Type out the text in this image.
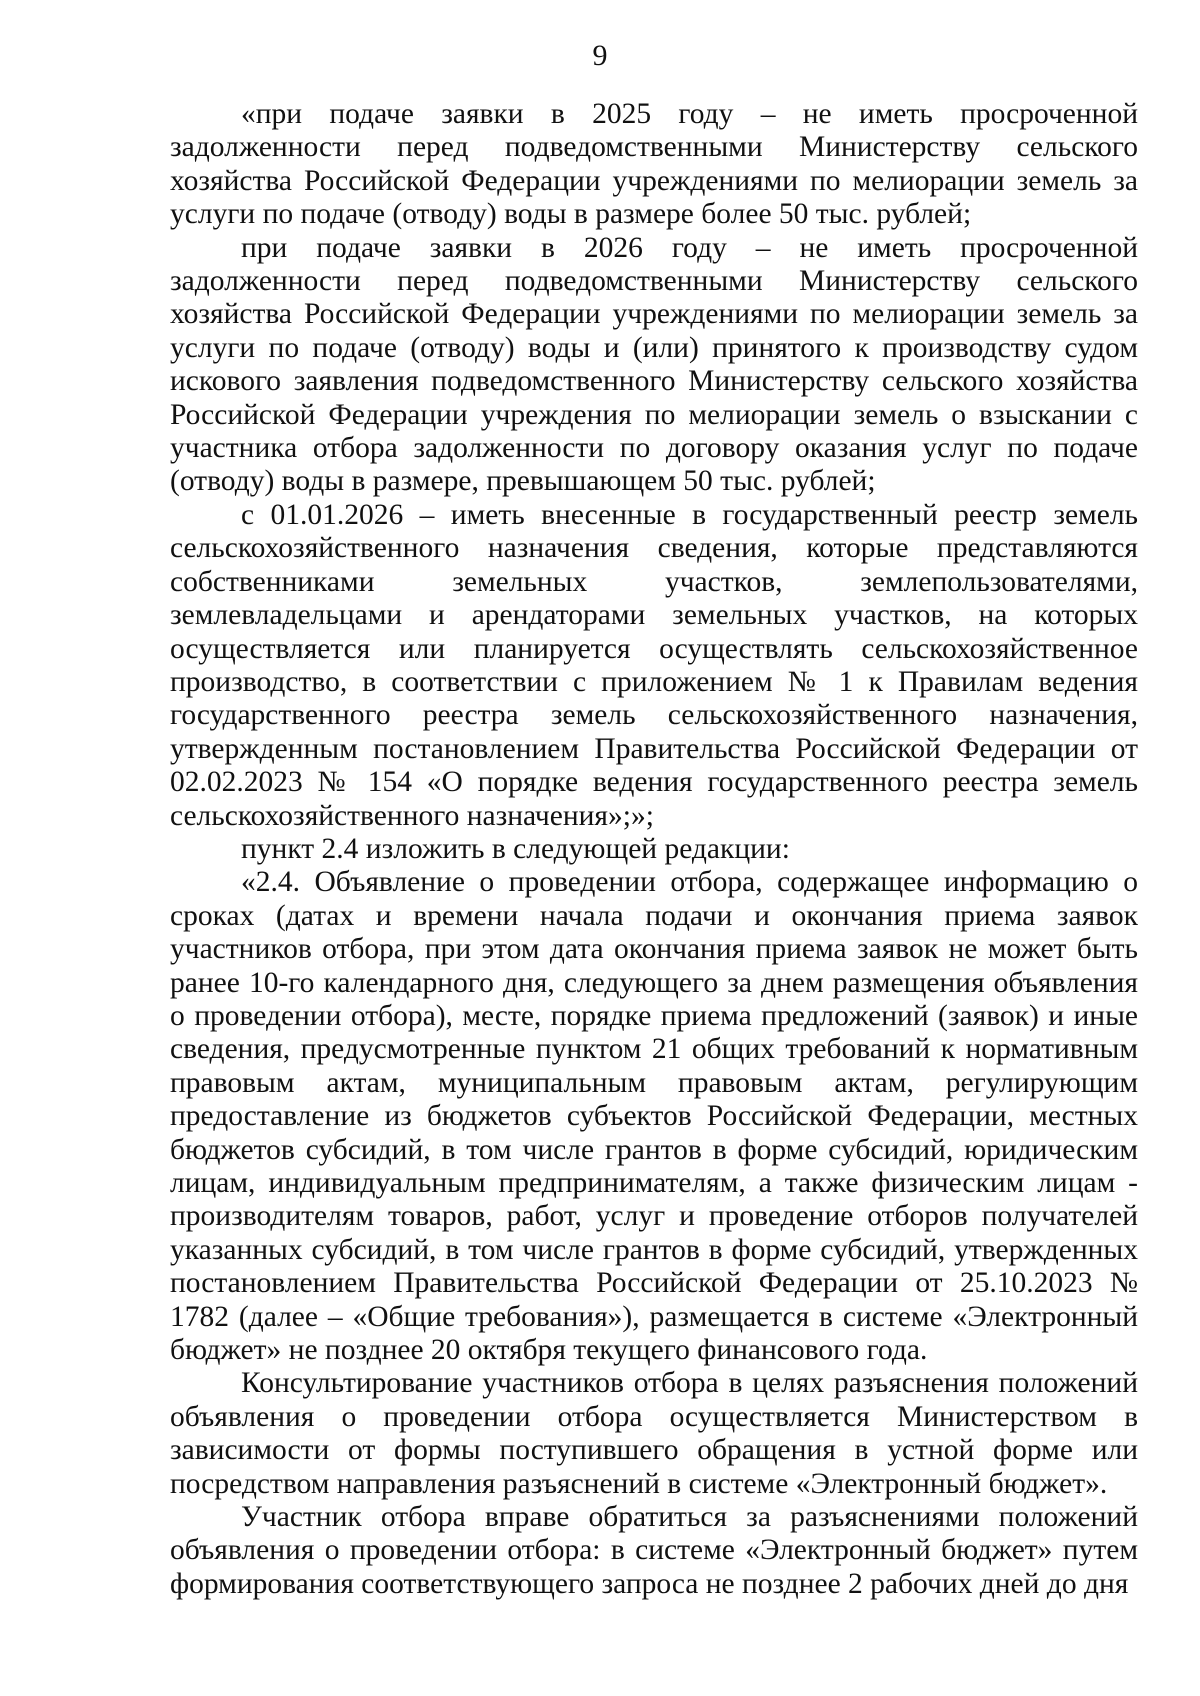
9

«при подаче заявки в 2025 году – не иметь просроченной задолженности перед подведомственными Министерству сельского хозяйства Российской Федерации учреждениями по мелиорации земель за услуги по подаче (отводу) воды в размере более 50 тыс. рублей;

при подаче заявки в 2026 году – не иметь просроченной задолженности перед подведомственными Министерству сельского хозяйства Российской Федерации учреждениями по мелиорации земель за услуги по подаче (отводу) воды и (или) принятого к производству судом искового заявления подведомственного Министерству сельского хозяйства Российской Федерации учреждения по мелиорации земель о взыскании с участника отбора задолженности по договору оказания услуг по подаче (отводу) воды в размере, превышающем 50 тыс. рублей;

с 01.01.2026 – иметь внесенные в государственный реестр земель сельскохозяйственного назначения сведения, которые представляются собственниками земельных участков, землепользователями, землевладельцами и арендаторами земельных участков, на которых осуществляется или планируется осуществлять сельскохозяйственное производство, в соответствии с приложением № 1 к Правилам ведения государственного реестра земель сельскохозяйственного назначения, утвержденным постановлением Правительства Российской Федерации от 02.02.2023 № 154 «О порядке ведения государственного реестра земель сельскохозяйственного назначения»;»;

пункт 2.4 изложить в следующей редакции:

«2.4. Объявление о проведении отбора, содержащее информацию о сроках (датах и времени начала подачи и окончания приема заявок участников отбора, при этом дата окончания приема заявок не может быть ранее 10-го календарного дня, следующего за днем размещения объявления о проведении отбора), месте, порядке приема предложений (заявок) и иные сведения, предусмотренные пунктом 21 общих требований к нормативным правовым актам, муниципальным правовым актам, регулирующим предоставление из бюджетов субъектов Российской Федерации, местных бюджетов субсидий, в том числе грантов в форме субсидий, юридическим лицам, индивидуальным предпринимателям, а также физическим лицам - производителям товаров, работ, услуг и проведение отборов получателей указанных субсидий, в том числе грантов в форме субсидий, утвержденных постановлением Правительства Российской Федерации от 25.10.2023 № 1782 (далее – «Общие требования»), размещается в системе «Электронный бюджет» не позднее 20 октября текущего финансового года.

Консультирование участников отбора в целях разъяснения положений объявления о проведении отбора осуществляется Министерством в зависимости от формы поступившего обращения в устной форме или посредством направления разъяснений в системе «Электронный бюджет».

Участник отбора вправе обратиться за разъяснениями положений объявления о проведении отбора: в системе «Электронный бюджет» путем формирования соответствующего запроса не позднее 2 рабочих дней до дня
